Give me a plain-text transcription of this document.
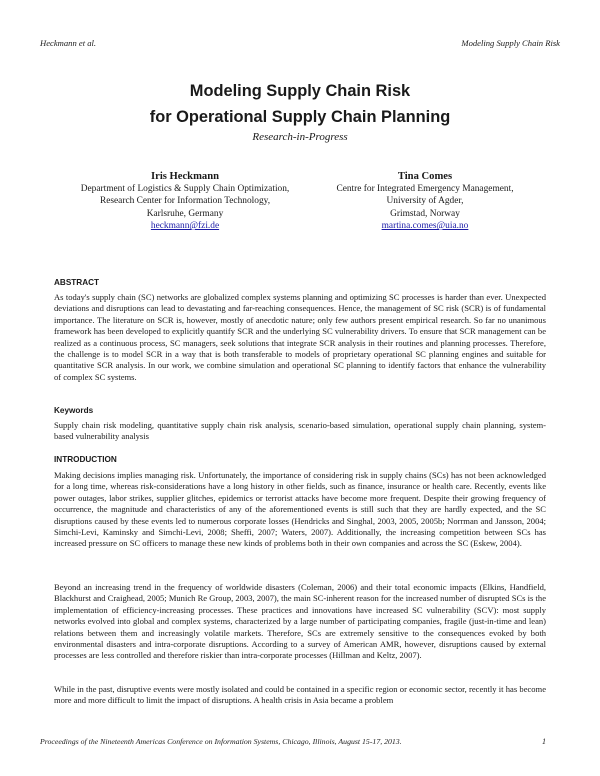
Heckmann et al.	Modeling Supply Chain Risk
Modeling Supply Chain Risk
for Operational Supply Chain Planning
Research-in-Progress
Iris Heckmann
Department of Logistics & Supply Chain Optimization,
Research Center for Information Technology,
Karlsruhe, Germany
heckmann@fzi.de
Tina Comes
Centre for Integrated Emergency Management,
University of Agder,
Grimstad, Norway
martina.comes@uia.no
ABSTRACT
As today's supply chain (SC) networks are globalized complex systems planning and optimizing SC processes is harder than ever. Unexpected deviations and disruptions can lead to devastating and far-reaching consequences. Hence, the management of SC risk (SCR) is of fundamental importance. The literature on SCR is, however, mostly of anecdotic nature; only few authors present empirical research. So far no unanimous framework has been developed to explicitly quantify SCR and the underlying SC vulnerability drivers. To ensure that SCR management can be realized as a continuous process, SC managers, seek solutions that integrate SCR analysis in their routines and planning processes. Therefore, the challenge is to model SCR in a way that is both transferable to models of proprietary operational SC planning engines and suitable for quantitative SCR analysis. In our work, we combine simulation and operational SC planning to identify factors that enhance the vulnerability of complex SC systems.
Keywords
Supply chain risk modeling, quantitative supply chain risk analysis, scenario-based simulation, operational supply chain planning, system-based vulnerability analysis
INTRODUCTION
Making decisions implies managing risk. Unfortunately, the importance of considering risk in supply chains (SCs) has not been acknowledged for a long time, whereas risk-considerations have a long history in other fields, such as finance, insurance or health care. Recently, events like power outages, labor strikes, supplier glitches, epidemics or terrorist attacks have become more frequent. Despite their growing frequency of occurrence, the magnitude and characteristics of any of the aforementioned events is still such that they are hardly expected, and the SC disruptions caused by these events led to numerous corporate losses (Hendricks and Singhal, 2003, 2005, 2005b; Norrman and Jansson, 2004; Simchi-Levi, Kaminsky and Simchi-Levi, 2008; Sheffi, 2007; Waters, 2007). Additionally, the increasing competition between SCs has increased pressure on SC officers to manage these new kinds of problems both in their own companies and across the SC (Eskew, 2004).
Beyond an increasing trend in the frequency of worldwide disasters (Coleman, 2006) and their total economic impacts (Elkins, Handfield, Blackhurst and Craighead, 2005; Munich Re Group, 2003, 2007), the main SC-inherent reason for the increased number of disrupted SCs is the implementation of efficiency-increasing processes. These practices and innovations have increased SC vulnerability (SCV): most supply networks evolved into global and complex systems, characterized by a large number of participating companies, fragile (just-in-time and lean) relations between them and increasingly volatile markets. Therefore, SCs are extremely sensitive to the consequences evoked by both environmental disasters and intra-corporate disruptions. According to a survey of American AMR, however, disruptions caused by external processes are less controlled and therefore riskier than intra-corporate processes (Hillman and Keltz, 2007).
While in the past, disruptive events were mostly isolated and could be contained in a specific region or economic sector, recently it has become more and more difficult to limit the impact of disruptions. A health crisis in Asia became a problem
Proceedings of the Nineteenth Americas Conference on Information Systems, Chicago, Illinois, August 15-17, 2013.	1
